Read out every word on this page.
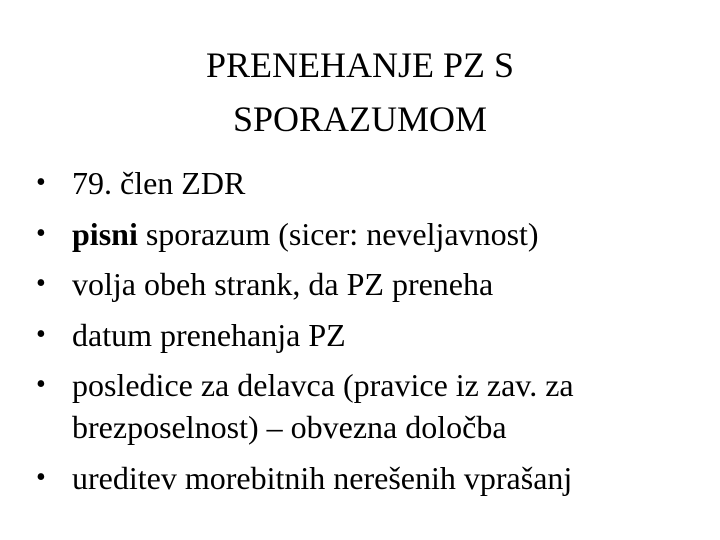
PRENEHANJE PZ S
SPORAZUMOM
• 79. člen ZDR
• pisni sporazum (sicer: neveljavnost)
• volja obeh strank, da PZ preneha
• datum prenehanja PZ
• posledice za delavca (pravice iz zav. za
brezposelnost) – obvezna določba
• ureditev morebitnih nerešenih vprašanj
